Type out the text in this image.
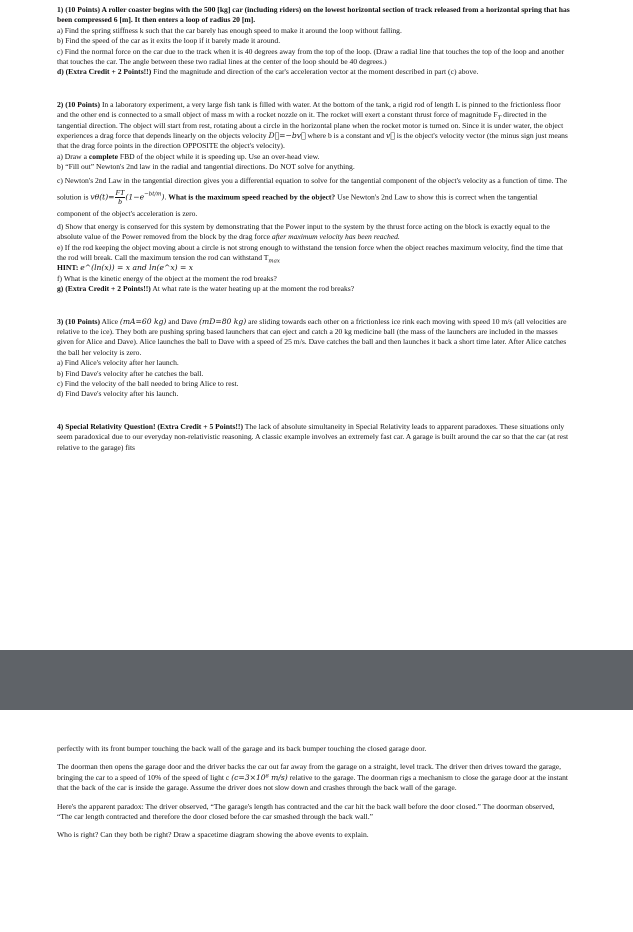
1) (10 Points) A roller coaster begins with the 500 [kg] car (including riders) on the lowest horizontal section of track released from a horizontal spring that has been compressed 6 [m]. It then enters a loop of radius 20 [m].

a) Find the spring stiffness k such that the car barely has enough speed to make it around the loop without falling.

b) Find the speed of the car as it exits the loop if it barely made it around.

c) Find the normal force on the car due to the track when it is 40 degrees away from the top of the loop. (Draw a radial line that touches the top of the loop and another that touches the car. The angle between these two radial lines at the center of the loop should be 40 degrees.)

d) (Extra Credit + 2 Points!!) Find the magnitude and direction of the car's acceleration vector at the moment described in part (c) above.

2) (10 Points) In a laboratory experiment, a very large fish tank is filled with water. At the bottom of the tank, a rigid rod of length L is pinned to the frictionless floor and the other end is connected to a small object of mass m with a rocket nozzle on it. The rocket will exert a constant thrust force of magnitude $F_T$ directed in the tangential direction. The object will start from rest, rotating about a circle in the horizontal plane when the rocket motor is turned on. Since it is under water, the object experiences a drag force that depends linearly on the objects velocity D⃗=−bv⃗ where b is a constant and v⃗ is the object's velocity vector (the minus sign just means that the drag force points in the direction OPPOSITE the object's velocity).

a) Draw a complete FBD of the object while it is speeding up. Use an over-head view.

b) “Fill out” Newton's 2nd law in the radial and tangential directions. Do NOT solve for anything.

c) Newton's 2nd Law in the tangential direction gives you a differential equation to solve for the tangential component of the object's velocity as a function of time. The solution is $v\theta(t)= \frac{FT}{b} (1-e^{-bt/m})$. What is the maximum speed reached by the object? Use Newton's 2nd Law to show this is correct when the tangential component of the object's acceleration is zero.

d) Show that energy is conserved for this system by demonstrating that the Power input to the system by the thrust force acting on the block is exactly equal to the absolute value of the Power removed from the block by the drag force after maximum velocity has been reached.

e) If the rod keeping the object moving about a circle is not strong enough to withstand the tension force when the object reaches maximum velocity, find the time that the rod will break. Call the maximum tension the rod can withstand $T_{max}$

HINT: e^(ln(x)) = x and ln(e^x) = x

f) What is the kinetic energy of the object at the moment the rod breaks?

g) (Extra Credit + 2 Points!!) At what rate is the water heating up at the moment the rod breaks?

3) (10 Points) Alice (mA=60 kg) and Dave (mD=80 kg) are sliding towards each other on a frictionless ice rink each moving with speed 10 m/s (all velocities are relative to the ice). They both are pushing spring based launchers that can eject and catch a 20 kg medicine ball (the mass of the launchers are included in the masses given for Alice and Dave). Alice launches the ball to Dave with a speed of 25 m/s. Dave catches the ball and then launches it back a short time later. After Alice catches the ball her velocity is zero.

a) Find Alice's velocity after her launch.

b) Find Dave's velocity after he catches the ball.

c) Find the velocity of the ball needed to bring Alice to rest.

d) Find Dave's velocity after his launch.

4) Special Relativity Question! (Extra Credit + 5 Points!!) The lack of absolute simultaneity in Special Relativity leads to apparent paradoxes. These situations only seem paradoxical due to our everyday non-relativistic reasoning. A classic example involves an extremely fast car. A garage is built around the car so that the car (at rest relative to the garage) fits

perfectly with its front bumper touching the back wall of the garage and its back bumper touching the closed garage door.

The doorman then opens the garage door and the driver backs the car out far away from the garage on a straight, level track. The driver then drives toward the garage, bringing the car to a speed of 10% of the speed of light c (c=3×10⁸ m/s) relative to the garage. The doorman rigs a mechanism to close the garage door at the instant that the back of the car is inside the garage. Assume the driver does not slow down and crashes through the back wall of the garage.

Here's the apparent paradox: The driver observed, “The garage's length has contracted and the car hit the back wall before the door closed.” The doorman observed, “The car length contracted and therefore the door closed before the car smashed through the back wall.”

Who is right? Can they both be right? Draw a spacetime diagram showing the above events to explain.
